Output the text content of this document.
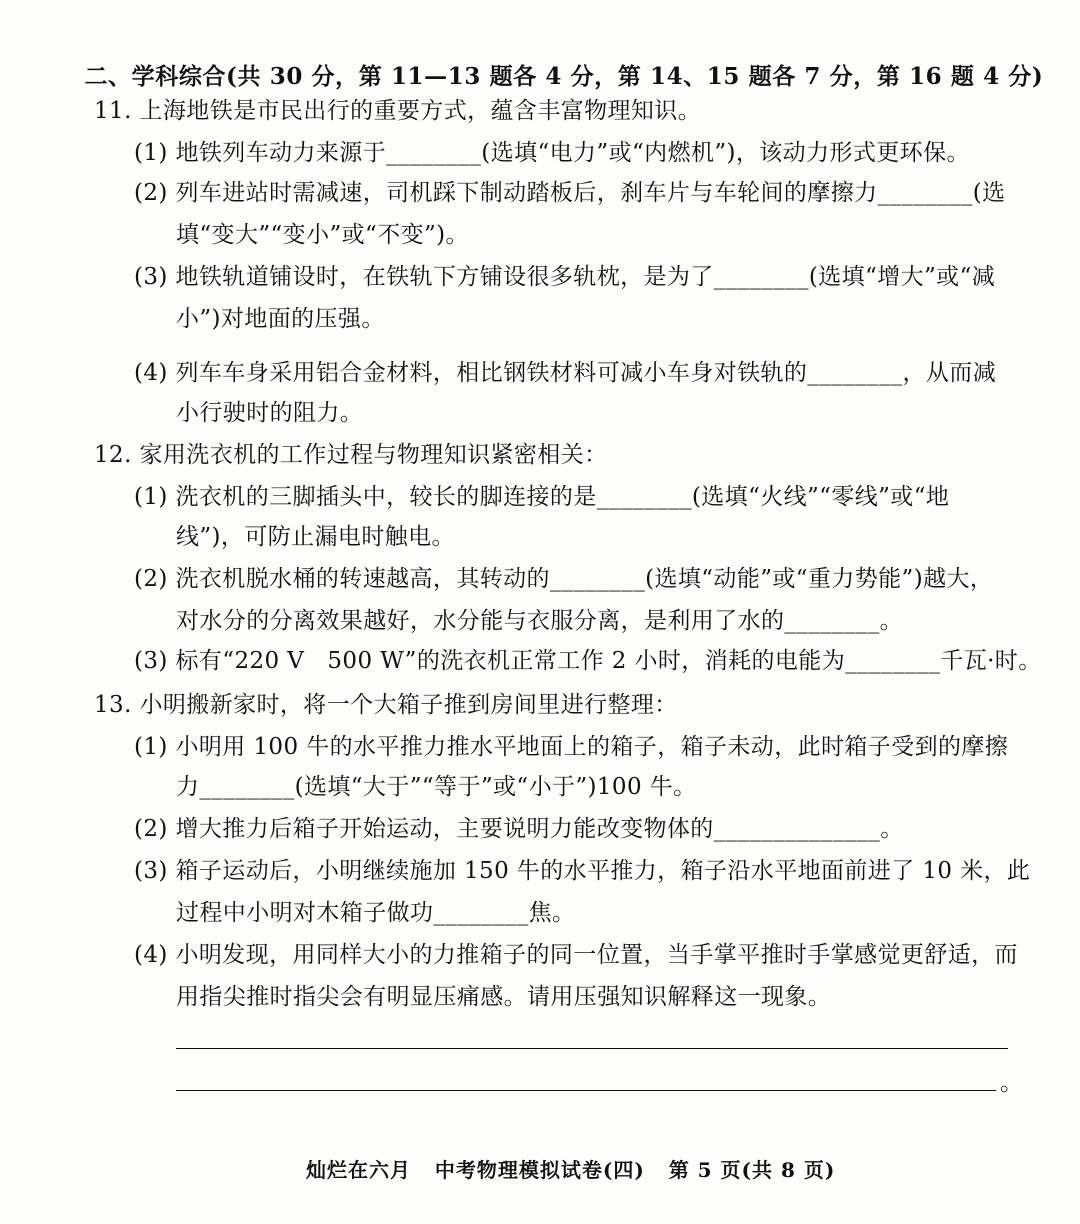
二、学科综合(共 30 分，第 11—13 题各 4 分，第 14、15 题各 7 分，第 16 题 4 分)

11. 上海地铁是市民出行的重要方式，蕴含丰富物理知识。
(1) 地铁列车动力来源于________(选填“电力”或“内燃机”)，该动力形式更环保。
(2) 列车进站时需减速，司机踩下制动踏板后，刹车片与车轮间的摩擦力________(选
填“变大”“变小”或“不变”)。
(3) 地铁轨道铺设时，在铁轨下方铺设很多轨枕，是为了________(选填“增大”或“减
小”)对地面的压强。
(4) 列车车身采用铝合金材料，相比钢铁材料可减小车身对铁轨的________，从而减
小行驶时的阻力。
12. 家用洗衣机的工作过程与物理知识紧密相关：
(1) 洗衣机的三脚插头中，较长的脚连接的是________(选填“火线”“零线”或“地
线”)，可防止漏电时触电。
(2) 洗衣机脱水桶的转速越高，其转动的________(选填“动能”或“重力势能”)越大，
对水分的分离效果越好，水分能与衣服分离，是利用了水的________。
(3) 标有“220 V   500 W”的洗衣机正常工作 2 小时，消耗的电能为________千瓦·时。
13. 小明搬新家时，将一个大箱子推到房间里进行整理：
(1) 小明用 100 牛的水平推力推水平地面上的箱子，箱子未动，此时箱子受到的摩擦
力________(选填“大于”“等于”或“小于”)100 牛。
(2) 增大推力后箱子开始运动，主要说明力能改变物体的______________。
(3) 箱子运动后，小明继续施加 150 牛的水平推力，箱子沿水平地面前进了 10 米，此
过程中小明对木箱子做功________焦。
(4) 小明发现，用同样大小的力推箱子的同一位置，当手掌平推时手掌感觉更舒适，而
用指尖推时指尖会有明显压痛感。请用压强知识解释这一现象。
。
灿烂在六月   中考物理模拟试卷(四)   第 5 页(共 8 页)
